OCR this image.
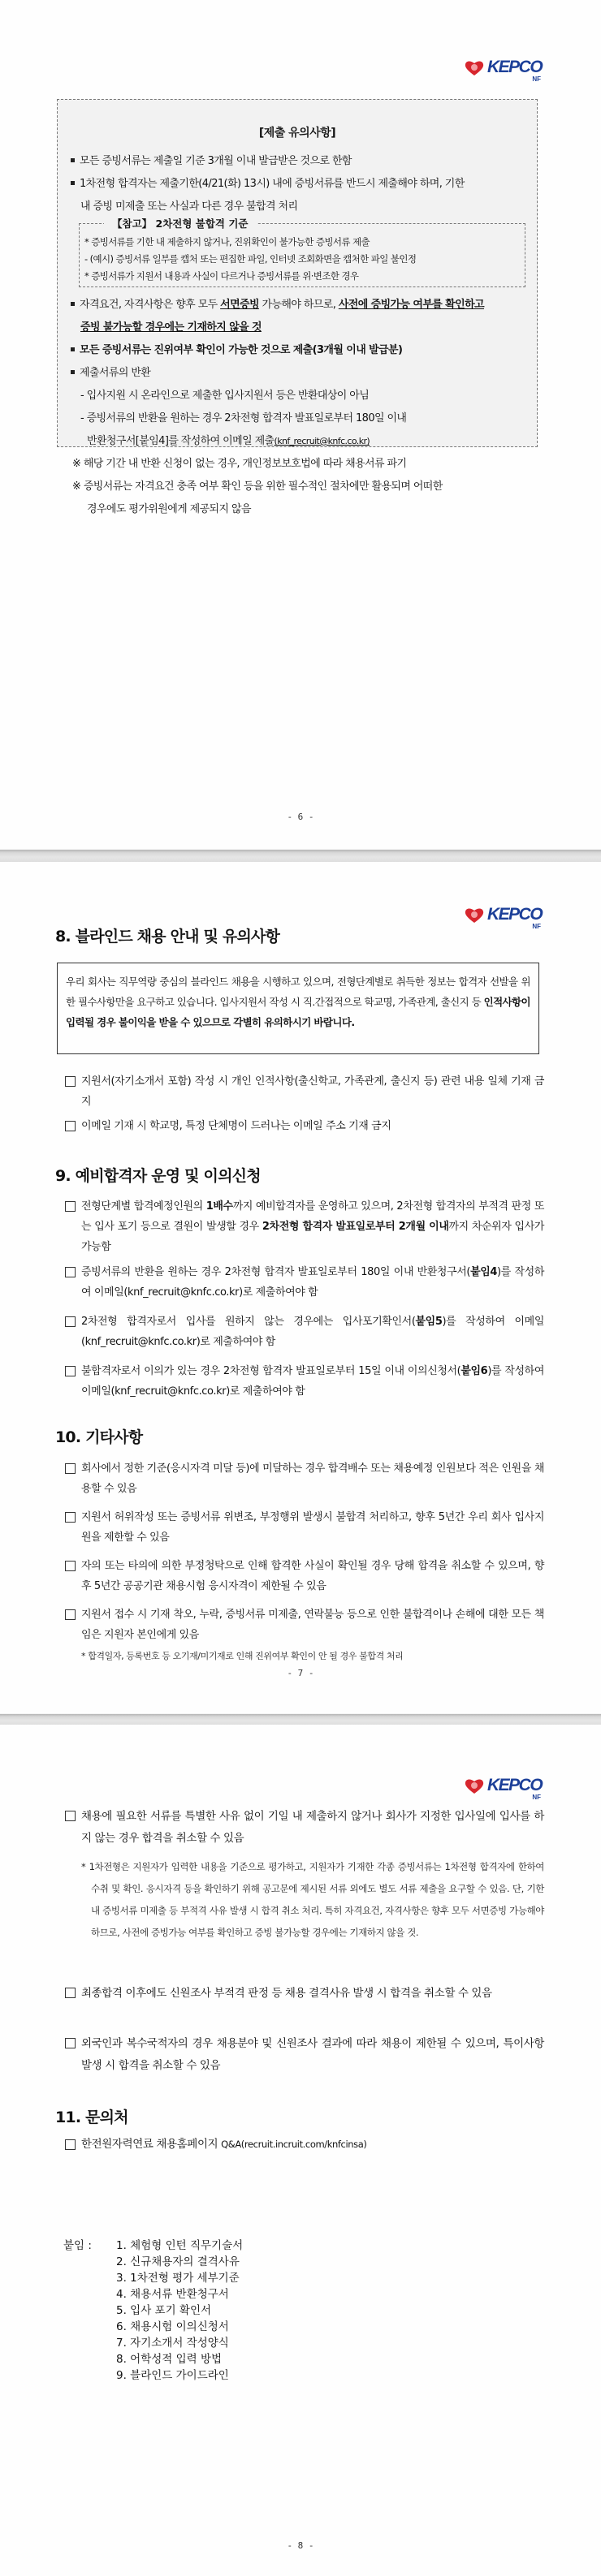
KEPCO
NF
[제출 유의사항]
모든 증빙서류는 제출일 기준 3개월 이내 발급받은 것으로 한함
1차전형 합격자는 제출기한(4/21(화) 13시) 내에 증빙서류를 반드시 제출해야 하며, 기한
내 증빙 미제출 또는 사실과 다른 경우 불합격 처리
【참고】 2차전형 불합격 기준
* 증빙서류를 기한 내 제출하지 않거나, 진위확인이 불가능한 증빙서류 제출
- (예시) 증빙서류 일부를 캡처 또는 편집한 파일, 인터넷 조회화면을 캡처한 파일 불인정
* 증빙서류가 지원서 내용과 사실이 다르거나 증빙서류를 위·변조한 경우
자격요건, 자격사항은 향후 모두 서면증빙 가능해야 하므로, 사전에 증빙가능 여부를 확인하고
증빙 불가능할 경우에는 기재하지 않을 것
모든 증빙서류는 진위여부 확인이 가능한 것으로 제출(3개월 이내 발급분)
제출서류의 반환
- 입사지원 시 온라인으로 제출한 입사지원서 등은 반환대상이 아님
- 증빙서류의 반환을 원하는 경우 2차전형 합격자 발표일로부터 180일 이내
반환청구서[붙임4]를 작성하여 이메일 제출(knf_recruit@knfc.co.kr)
※ 해당 기간 내 반환 신청이 없는 경우, 개인정보보호법에 따라 채용서류 파기
※ 증빙서류는 자격요건 충족 여부 확인 등을 위한 필수적인 절차에만 활용되며 어떠한
경우에도 평가위원에게 제공되지 않음
- 6 -
KEPCO
NF
8. 블라인드 채용 안내 및 유의사항

우리 회사는 직무역량 중심의 블라인드 채용을 시행하고 있으며, 전형단계별로 취득한 정보는 합격자 선발을 위한 필수사항만을 요구하고 있습니다. 입사지원서 작성 시 직.간접적으로 학교명, 가족관계, 출신지 등 인적사항이 입력될 경우 불이익을 받을 수 있으므로 각별히 유의하시기 바랍니다.

지원서(자기소개서 포함) 작성 시 개인 인적사항(출신학교, 가족관계, 출신지 등) 관련 내용 일체 기재 금지
이메일 기재 시 학교명, 특정 단체명이 드러나는 이메일 주소 기재 금지
9. 예비합격자 운영 및 이의신청
전형단계별 합격예정인원의 1배수까지 예비합격자를 운영하고 있으며, 2차전형 합격자의 부적격 판정 또는 입사 포기 등으로 결원이 발생할 경우 2차전형 합격자 발표일로부터 2개월 이내까지 차순위자 입사가 가능함
증빙서류의 반환을 원하는 경우 2차전형 합격자 발표일로부터 180일 이내 반환청구서(붙임4)를 작성하여 이메일(knf_recruit@knfc.co.kr)로 제출하여야 함
2차전형 합격자로서 입사를 원하지 않는 경우에는 입사포기확인서(붙임5)를 작성하여 이메일(knf_recruit@knfc.co.kr)로 제출하여야 함
불합격자로서 이의가 있는 경우 2차전형 합격자 발표일로부터 15일 이내 이의신청서(붙임6)를 작성하여 이메일(knf_recruit@knfc.co.kr)로 제출하여야 함
10. 기타사항
회사에서 정한 기준(응시자격 미달 등)에 미달하는 경우 합격배수 또는 채용예정 인원보다 적은 인원을 채용할 수 있음
지원서 허위작성 또는 증빙서류 위변조, 부정행위 발생시 불합격 처리하고, 향후 5년간 우리 회사 입사지원을 제한할 수 있음
자의 또는 타의에 의한 부정청탁으로 인해 합격한 사실이 확인될 경우 당해 합격을 취소할 수 있으며, 향후 5년간 공공기관 채용시험 응시자격이 제한될 수 있음
지원서 접수 시 기재 착오, 누락, 증빙서류 미제출, 연락불능 등으로 인한 불합격이나 손해에 대한 모든 책임은 지원자 본인에게 있음
* 합격일자, 등록번호 등 오기재/미기재로 인해 진위여부 확인이 안 될 경우 불합격 처리
- 7 -
KEPCO
NF
채용에 필요한 서류를 특별한 사유 없이 기일 내 제출하지 않거나 회사가 지정한 입사일에 입사를 하지 않는 경우 합격을 취소할 수 있음
* 1차전형은 지원자가 입력한 내용을 기준으로 평가하고, 지원자가 기재한 각종 증빙서류는 1차전형 합격자에 한하여 수취 및 확인. 응시자격 등을 확인하기 위해 공고문에 제시된 서류 외에도 별도 서류 제출을 요구할 수 있음. 단, 기한 내 증빙서류 미제출 등 부적격 사유 발생 시 합격 취소 처리. 특히 자격요건, 자격사항은 향후 모두 서면증빙 가능해야 하므로, 사전에 증빙가능 여부를 확인하고 증빙 불가능할 경우에는 기재하지 않을 것.
최종합격 이후에도 신원조사 부적격 판정 등 채용 결격사유 발생 시 합격을 취소할 수 있음
외국인과 복수국적자의 경우 채용분야 및 신원조사 결과에 따라 채용이 제한될 수 있으며, 특이사항 발생 시 합격을 취소할 수 있음
11. 문의처
한전원자력연료 채용홈페이지 Q&A(recruit.incruit.com/knfcinsa)
붙임 :	1. 체험형 인턴 직무기술서
2. 신규채용자의 결격사유
3. 1차전형 평가 세부기준
4. 채용서류 반환청구서
5. 입사 포기 확인서
6. 채용시험 이의신청서
7. 자기소개서 작성양식
8. 어학성적 입력 방법
9. 블라인드 가이드라인
- 8 -
